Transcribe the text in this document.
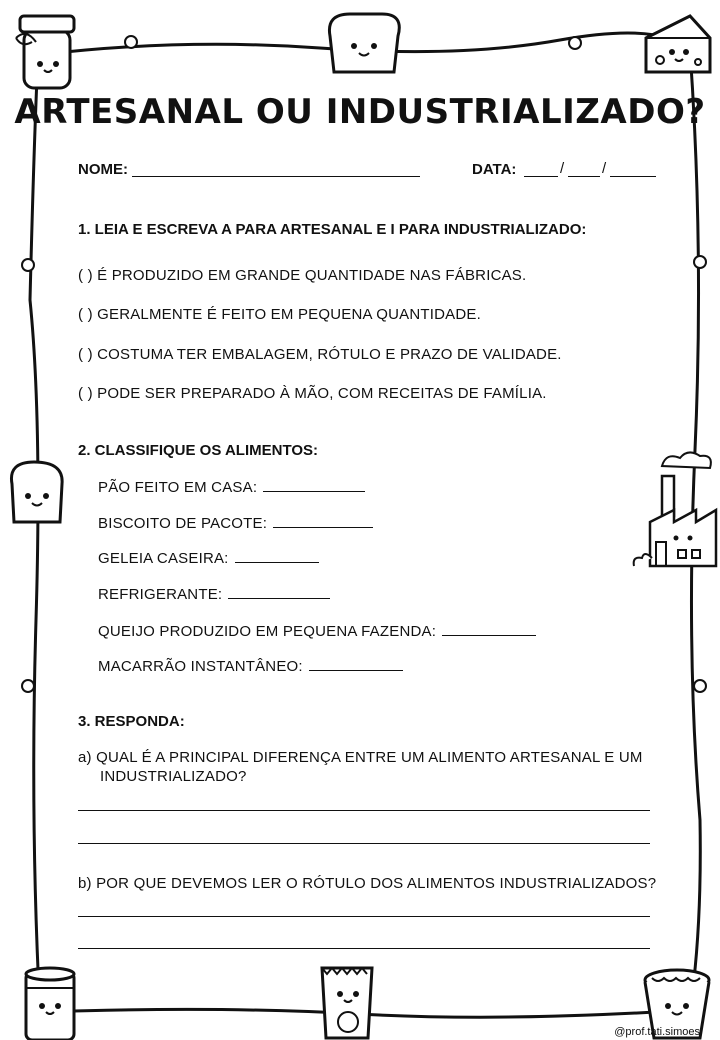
ARTESANAL OU INDUSTRIALIZADO?
NOME:	DATA:	/	/
1. LEIA E ESCREVA A PARA ARTESANAL E I PARA INDUSTRIALIZADO:
( ) É PRODUZIDO EM GRANDE QUANTIDADE NAS FÁBRICAS.
( ) GERALMENTE É FEITO EM PEQUENA QUANTIDADE.
( ) COSTUMA TER EMBALAGEM, RÓTULO E PRAZO DE VALIDADE.
( ) PODE SER PREPARADO À MÃO, COM RECEITAS DE FAMÍLIA.
2. CLASSIFIQUE OS ALIMENTOS:
PÃO FEITO EM CASA:
BISCOITO DE PACOTE:
GELEIA CASEIRA:
REFRIGERANTE:
QUEIJO PRODUZIDO EM PEQUENA FAZENDA:
MACARRÃO INSTANTÂNEO:
3. RESPONDA:
a) QUAL É A PRINCIPAL DIFERENÇA ENTRE UM ALIMENTO ARTESANAL E UM
INDUSTRIALIZADO?
b) POR QUE DEVEMOS LER O RÓTULO DOS ALIMENTOS INDUSTRIALIZADOS?
@prof.tati.simoes
